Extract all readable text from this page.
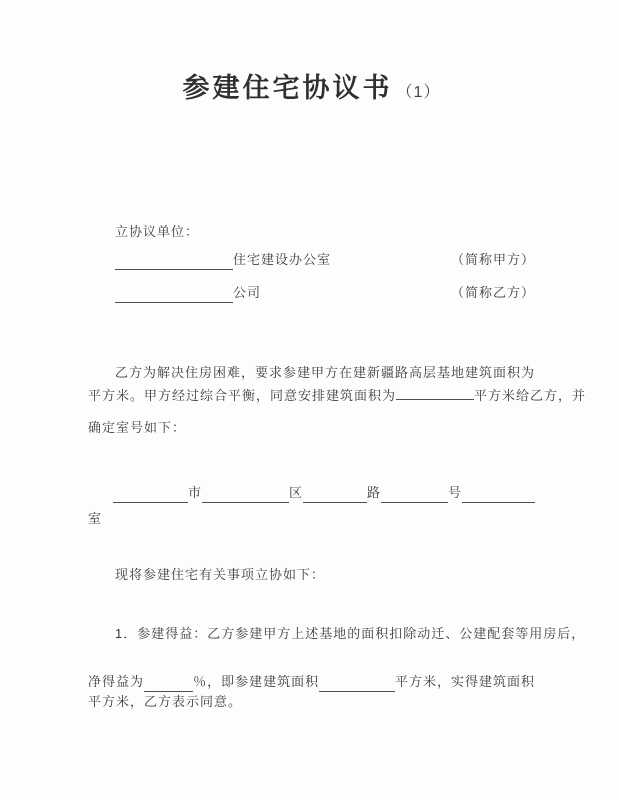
参建住宅协议书 （1）
立协议单位：
住宅建设办公室	（简称甲方）
公司	（简称乙方）
乙方为解决住房困难，要求参建甲方在建新疆路高层基地建筑面积为
平方米。甲方经过综合平衡，同意安排建筑面积为	平方米给乙方，并
确定室号如下：
市	区	路	号
室
现将参建住宅有关事项立协如下：
1．参建得益：乙方参建甲方上述基地的面积扣除动迁、公建配套等用房后，
净得益为	％，即参建建筑面积	平方米，实得建筑面积
平方米，乙方表示同意。
